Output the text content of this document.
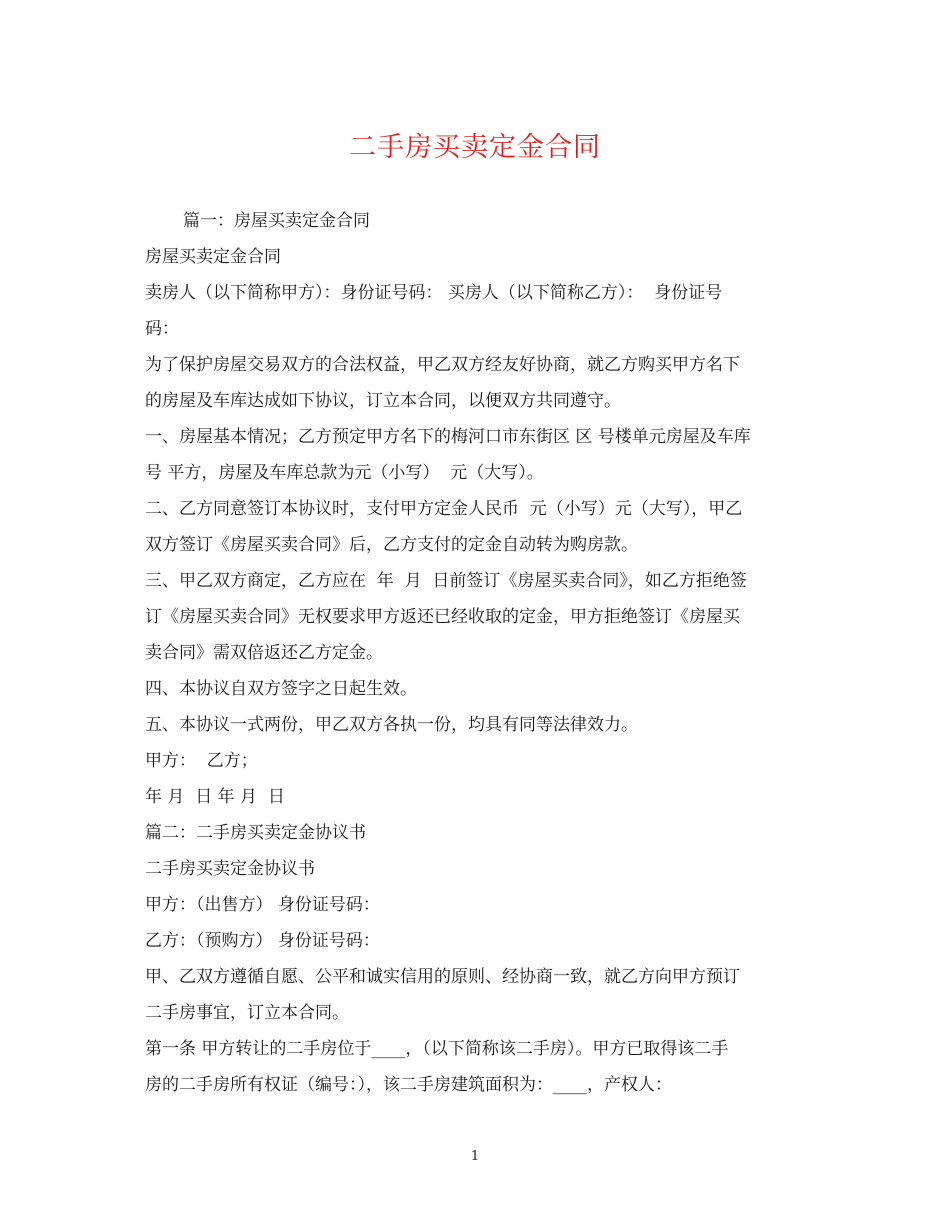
二手房买卖定金合同

篇一：房屋买卖定金合同

房屋买卖定金合同

卖房人（以下简称甲方）：身份证号码： 买房人（以下简称乙方）：  身份证号

码：

为了保护房屋交易双方的合法权益，甲乙双方经友好协商，就乙方购买甲方名下

的房屋及车库达成如下协议，订立本合同，以便双方共同遵守。

一、房屋基本情况；乙方预定甲方名下的梅河口市东街区 区 号楼单元房屋及车库

号 平方，房屋及车库总款为元（小写）  元（大写）。

二、乙方同意签订本协议时，支付甲方定金人民币  元（小写）元（大写），甲乙

双方签订《房屋买卖合同》后，乙方支付的定金自动转为购房款。

三、甲乙双方商定，乙方应在  年  月  日前签订《房屋买卖合同》，如乙方拒绝签

订《房屋买卖合同》无权要求甲方返还已经收取的定金，甲方拒绝签订《房屋买

卖合同》需双倍返还乙方定金。

四、本协议自双方签字之日起生效。

五、本协议一式两份，甲乙双方各执一份，均具有同等法律效力。

甲方：  乙方；

年 月  日 年 月  日

篇二：二手房买卖定金协议书

二手房买卖定金协议书

甲方：（出售方） 身份证号码：

乙方：（预购方） 身份证号码：

甲、乙双方遵循自愿、公平和诚实信用的原则、经协商一致，就乙方向甲方预订

二手房事宜，订立本合同。

第一条 甲方转让的二手房位于____，（以下简称该二手房）。甲方已取得该二手

房的二手房所有权证（编号：），该二手房建筑面积为：____，产权人：

1
